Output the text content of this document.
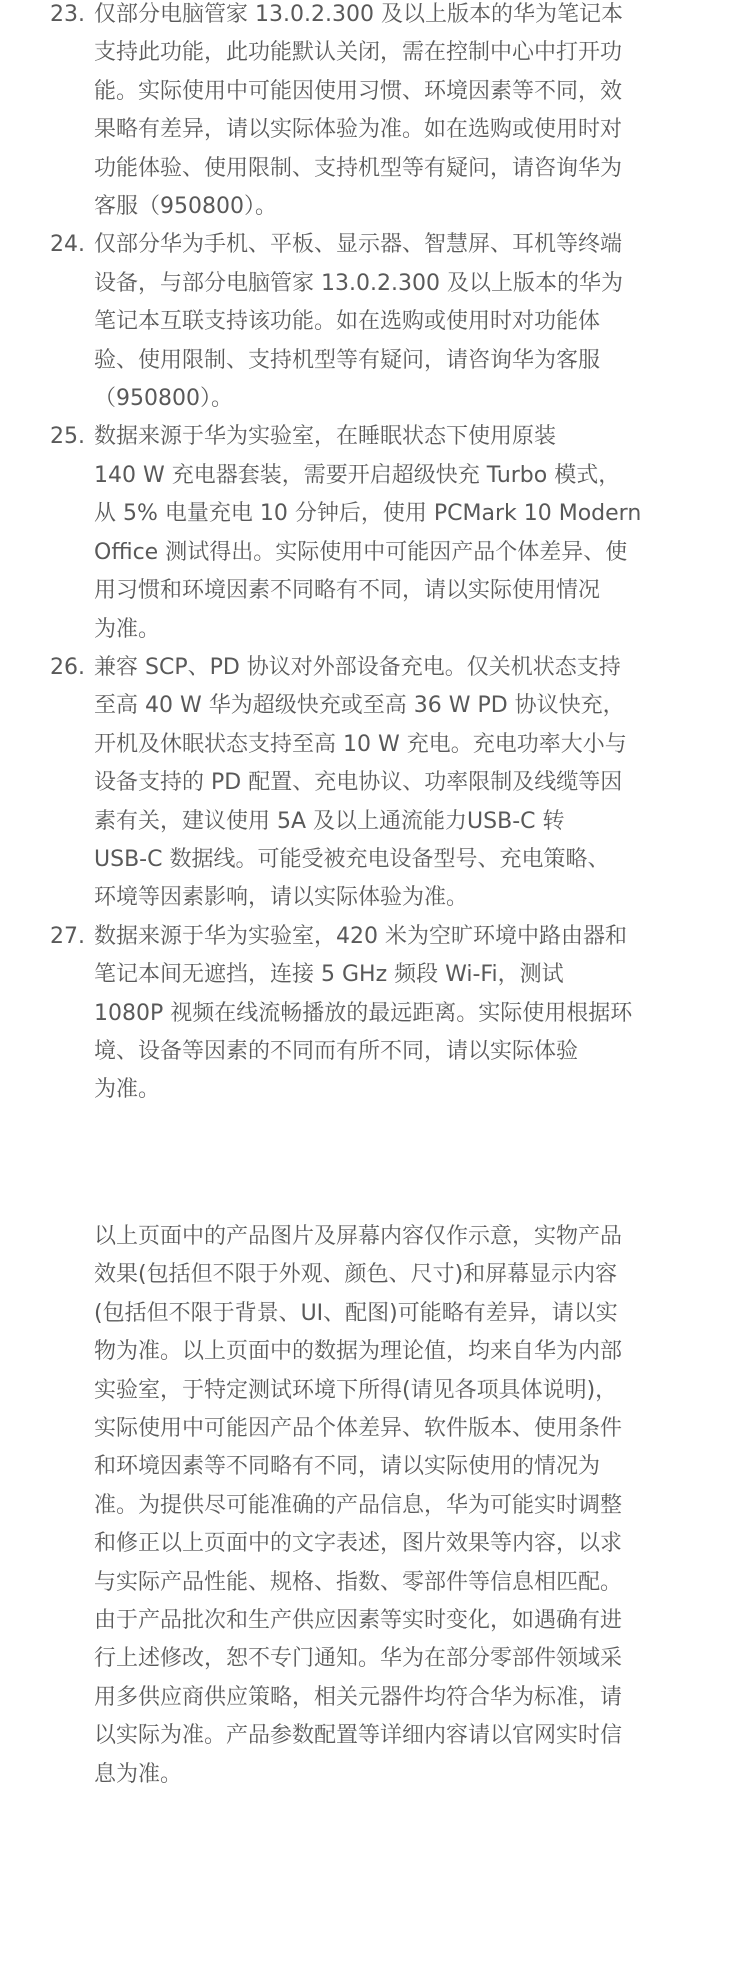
23. 仅部分电脑管家 13.0.2.300 及以上版本的华为笔记本
支持此功能，此功能默认关闭，需在控制中心中打开功
能。实际使用中可能因使用习惯、环境因素等不同，效
果略有差异，请以实际体验为准。如在选购或使用时对
功能体验、使用限制、支持机型等有疑问，请咨询华为
客服（950800）。
24. 仅部分华为手机、平板、显示器、智慧屏、耳机等终端
设备，与部分电脑管家 13.0.2.300 及以上版本的华为
笔记本互联支持该功能。如在选购或使用时对功能体
验、使用限制、支持机型等有疑问，请咨询华为客服
（950800）。
25. 数据来源于华为实验室，在睡眠状态下使用原装
140 W 充电器套装，需要开启超级快充 Turbo 模式，
从 5% 电量充电 10 分钟后，使用 PCMark 10 Modern
Office 测试得出。实际使用中可能因产品个体差异、使
用习惯和环境因素不同略有不同，请以实际使用情况
为准。
26. 兼容 SCP、PD 协议对外部设备充电。仅关机状态支持
至高 40 W 华为超级快充或至高 36 W PD 协议快充，
开机及休眠状态支持至高 10 W 充电。充电功率大小与
设备支持的 PD 配置、充电协议、功率限制及线缆等因
素有关，建议使用 5A 及以上通流能力USB-C 转
USB-C 数据线。可能受被充电设备型号、充电策略、
环境等因素影响，请以实际体验为准。
27. 数据来源于华为实验室，420 米为空旷环境中路由器和
笔记本间无遮挡，连接 5 GHz 频段 Wi-Fi，测试
1080P 视频在线流畅播放的最远距离。实际使用根据环
境、设备等因素的不同而有所不同，请以实际体验
为准。
以上页面中的产品图片及屏幕内容仅作示意，实物产品
效果(包括但不限于外观、颜色、尺寸)和屏幕显示内容
(包括但不限于背景、UI、配图)可能略有差异，请以实
物为准。以上页面中的数据为理论值，均来自华为内部
实验室，于特定测试环境下所得(请见各项具体说明)，
实际使用中可能因产品个体差异、软件版本、使用条件
和环境因素等不同略有不同，请以实际使用的情况为
准。为提供尽可能准确的产品信息，华为可能实时调整
和修正以上页面中的文字表述，图片效果等内容，以求
与实际产品性能、规格、指数、零部件等信息相匹配。
由于产品批次和生产供应因素等实时变化，如遇确有进
行上述修改，恕不专门通知。华为在部分零部件领域采
用多供应商供应策略，相关元器件均符合华为标准，请
以实际为准。产品参数配置等详细内容请以官网实时信
息为准。
